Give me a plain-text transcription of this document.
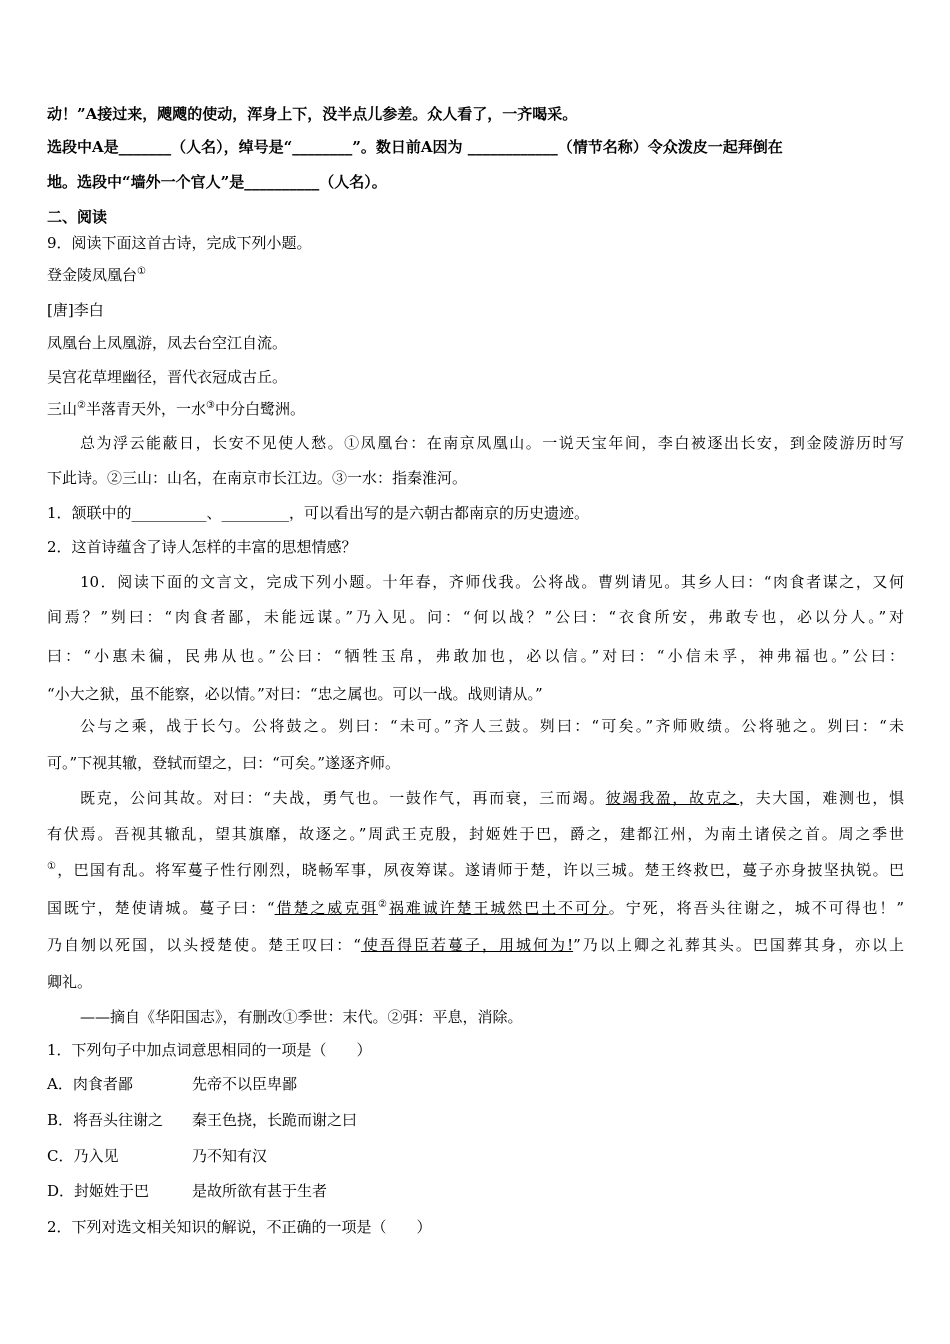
动！”A接过来，飕飕的使动，浑身上下，没半点儿参差。众人看了，一齐喝采。
选段中A是_______（人名），绰号是“________”。数日前A因为 ____________（情节名称）令众泼皮一起拜倒在
地。选段中“墙外一个官人”是__________（人名）。
二、阅读
9．阅读下面这首古诗，完成下列小题。
登金陵凤凰台①
[唐]李白
凤凰台上凤凰游，凤去台空江自流。
吴宫花草埋幽径，晋代衣冠成古丘。
三山②半落青天外，一水③中分白鹭洲。
总为浮云能蔽日，长安不见使人愁。①凤凰台：在南京凤凰山。一说天宝年间，李白被逐出长安，到金陵游历时写
下此诗。②三山：山名，在南京市长江边。③一水：指秦淮河。
1．颔联中的__________、_________，可以看出写的是六朝古都南京的历史遗迹。
2．这首诗蕴含了诗人怎样的丰富的思想情感？
10．阅读下面的文言文，完成下列小题。十年春，齐师伐我。公将战。曹刿请见。其乡人曰：“肉食者谋之，又何
间焉？”刿曰：“肉食者鄙，未能远谋。”乃入见。问：“何以战？”公曰：“衣食所安，弗敢专也，必以分人。”对
曰：“小惠未徧，民弗从也。”公曰：“牺牲玉帛，弗敢加也，必以信。”对曰：“小信未孚，神弗福也。”公曰：
“小大之狱，虽不能察，必以情。”对曰：“忠之属也。可以一战。战则请从。”
公与之乘，战于长勺。公将鼓之。刿曰：“未可。”齐人三鼓。刿曰：“可矣。”齐师败绩。公将驰之。刿曰：“未
可。”下视其辙，登轼而望之，曰：“可矣。”遂逐齐师。
既克，公问其故。对曰：“夫战，勇气也。一鼓作气，再而衰，三而竭。彼竭我盈，故克之，夫大国，难测也，惧
有伏焉。吾视其辙乱，望其旗靡，故逐之。”周武王克殷，封姬姓于巴，爵之，建都江州，为南土诸侯之首。周之季世
①，巴国有乱。将军蔓子性行刚烈，晓畅军事，夙夜筹谋。遂请师于楚，许以三城。楚王终救巴，蔓子亦身披坚执锐。巴
国既宁，楚使请城。蔓子曰：“借楚之威克弭②祸难诚许楚王城然巴土不可分。宁死，将吾头往谢之，城不可得也！”
乃自刎以死国，以头授楚使。楚王叹曰：“使吾得臣若蔓子，用城何为!”乃以上卿之礼葬其头。巴国葬其身，亦以上
卿礼。
——摘自《华阳国志》，有删改①季世：末代。②弭：平息，消除。
1．下列句子中加点词意思相同的一项是（　　）
A．肉食者鄙	先帝不以臣卑鄙
B．将吾头往谢之 秦王色挠，长跪而谢之曰
C．乃入见	乃不知有汉
D．封姬姓于巴	是故所欲有甚于生者
2．下列对选文相关知识的解说，不正确的一项是（　　）
